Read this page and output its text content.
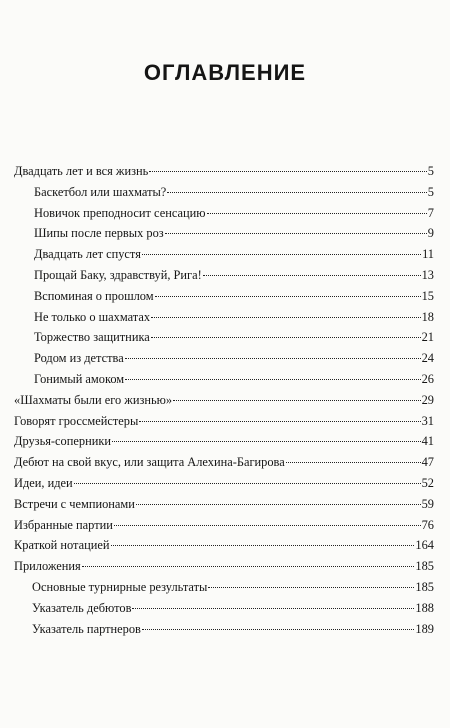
ОГЛАВЛЕНИЕ
Двадцать лет и вся жизнь	5
Баскетбол или шахматы?	5
Новичок преподносит сенсацию	7
Шипы после первых роз	9
Двадцать лет спустя	11
Прощай Баку, здравствуй, Рига!	13
Вспоминая о прошлом	15
Не только о шахматах	18
Торжество защитника	21
Родом из детства	24
Гонимый амоком	26
«Шахматы были его жизнью»	29
Говорят гроссмейстеры	31
Друзья-соперники	41
Дебют на свой вкус, или защита Алехина-Багирова	47
Идеи, идеи	52
Встречи с чемпионами	59
Избранные партии	76
Краткой нотацией	164
Приложения	185
Основные турнирные результаты	185
Указатель дебютов	188
Указатель партнеров	189
